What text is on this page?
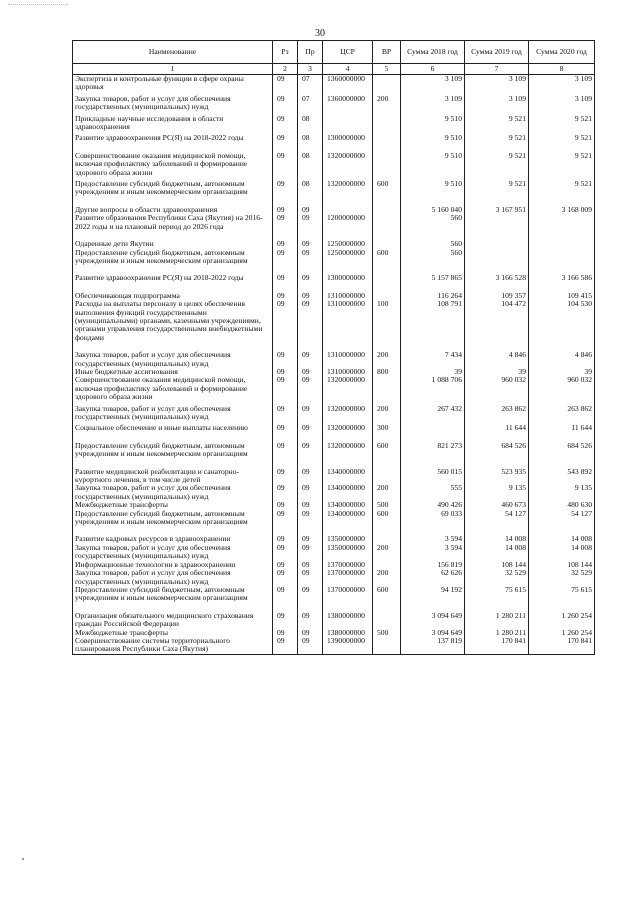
30
Наименование	Рз	Пр	ЦСР	ВР	Сумма 2018 год	Сумма 2019 год	Сумма 2020 год
1	2	3	4	5	6	7	8
Экспертиза и контрольные функции в сфере охраны здоровья	09	07	1360000000		3 109	3 109	3 109
Закупка товаров, работ и услуг для обеспечения государственных (муниципальных) нужд	09	07	1360000000	200	3 109	3 109	3 109
Прикладные научные исследования в области здравоохранения	09	08			9 510	9 521	9 521
Развитие здравоохранения РС(Я) на 2018-2022 годы	09	08	1300000000		9 510	9 521	9 521
Совершенствование оказания медицинской помощи, включая профилактику заболеваний и формирование здорового образа жизни	09	08	1320000000		9 510	9 521	9 521
Предоставление субсидий бюджетным, автономным учреждениям и иным некоммерческим организациям	09	08	1320000000	600	9 510	9 521	9 521
Другие вопросы в области здравоохранения	09	09			5 160 040	3 167 951	3 168 009
Развитие образования Республики Саха (Якутия) на 2016-2022 годы и на плановый период до 2026 года	09	09	1200000000		560		
Одаренные дети Якутии	09	09	1250000000		560		
Предоставление субсидий бюджетным, автономным учреждениям и иным некоммерческим организациям	09	09	1250000000	600	560		
Развитие здравоохранения РС(Я) на 2018-2022 годы	09	09	1300000000		5 157 865	3 166 528	3 166 586
Обеспечивающая подпрограмма	09	09	1310000000		116 264	109 357	109 415
Расходы на выплаты персоналу в целях обеспечения выполнения функций государственными (муниципальными) органами, казенными учреждениями, органами управления государственными внебюджетными фондами	09	09	1310000000	100	108 791	104 472	104 530
Закупка товаров, работ и услуг для обеспечения государственных (муниципальных) нужд	09	09	1310000000	200	7 434	4 846	4 846
Иные бюджетные ассигнования	09	09	1310000000	800	39	39	39
Совершенствование оказания медицинской помощи, включая профилактику заболеваний и формирование здорового образа жизни	09	09	1320000000		1 088 706	960 032	960 032
Закупка товаров, работ и услуг для обеспечения государственных (муниципальных) нужд	09	09	1320000000	200	267 432	263 862	263 862
Социальное обеспечение и иные выплаты населению	09	09	1320000000	300		11 644	11 644
Предоставление субсидий бюджетным, автономным учреждениям и иным некоммерческим организациям	09	09	1320000000	600	821 273	684 526	684 526
Развитие медицинской реабилитации и санаторно-курортного лечения, в том числе детей	09	09	1340000000		560 015	523 935	543 892
Закупка товаров, работ и услуг для обеспечения государственных (муниципальных) нужд	09	09	1340000000	200	555	9 135	9 135
Межбюджетные трансферты	09	09	1340000000	500	490 426	460 673	480 630
Предоставление субсидий бюджетным, автономным учреждениям и иным некоммерческим организациям	09	09	1340000000	600	69 033	54 127	54 127
Развитие кадровых ресурсов в здравоохранении	09	09	1350000000		3 594	14 008	14 008
Закупка товаров, работ и услуг для обеспечения государственных (муниципальных) нужд	09	09	1350000000	200	3 594	14 008	14 008
Информационные технологии в здравоохранении	09	09	1370000000		156 819	108 144	108 144
Закупка товаров, работ и услуг для обеспечения государственных (муниципальных) нужд	09	09	1370000000	200	62 626	32 529	32 529
Предоставление субсидий бюджетным, автономным учреждениям и иным некоммерческим организациям	09	09	1370000000	600	94 192	75 615	75 615
Организация обязательного медицинского страхования граждан Российской Федерации	09	09	1380000000		3 094 649	1 280 211	1 260 254
Межбюджетные трансферты	09	09	1380000000	500	3 094 649	1 280 211	1 260 254
Совершенствование системы территориального планирования Республики Саха (Якутия)	09	09	1390000000		137 819	170 841	170 841
